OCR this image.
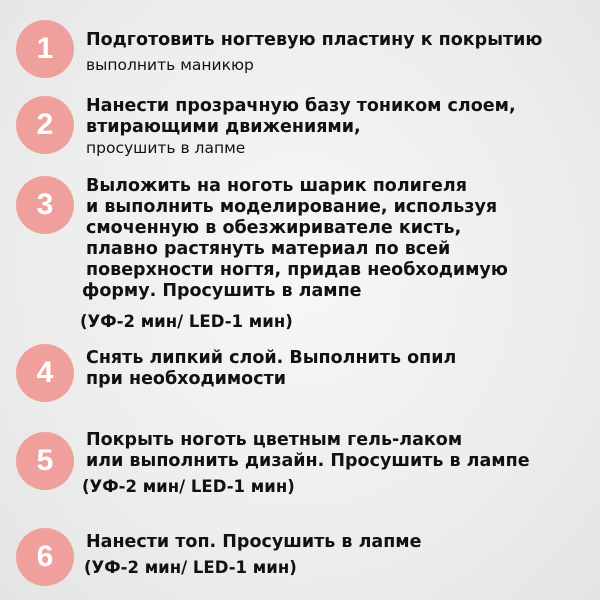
1	Подготовить ногтевую пластину к покрытию
выполнить маникюр
2
Нанести прозрачную базу тоником слоем,
втирающими движениями,
просушить в лапме
3
Выложить на ноготь шарик полигеля
и выполнить моделирование, используя
смоченную в обезжиривателе кисть,
плавно растянуть материал по всей
поверхности ногтя, придав необходимую
форму. Просушить в лампе
(УФ-2 мин/ LED-1 мин)
4	Снять липкий слой. Выполнить опил
при необходимости
5
Покрыть ноготь цветным гель-лаком
или выполнить дизайн. Просушить в лампе
(УФ-2 мин/ LED-1 мин)
6	Нанести топ. Просушить в лапме
(УФ-2 мин/ LED-1 мин)
